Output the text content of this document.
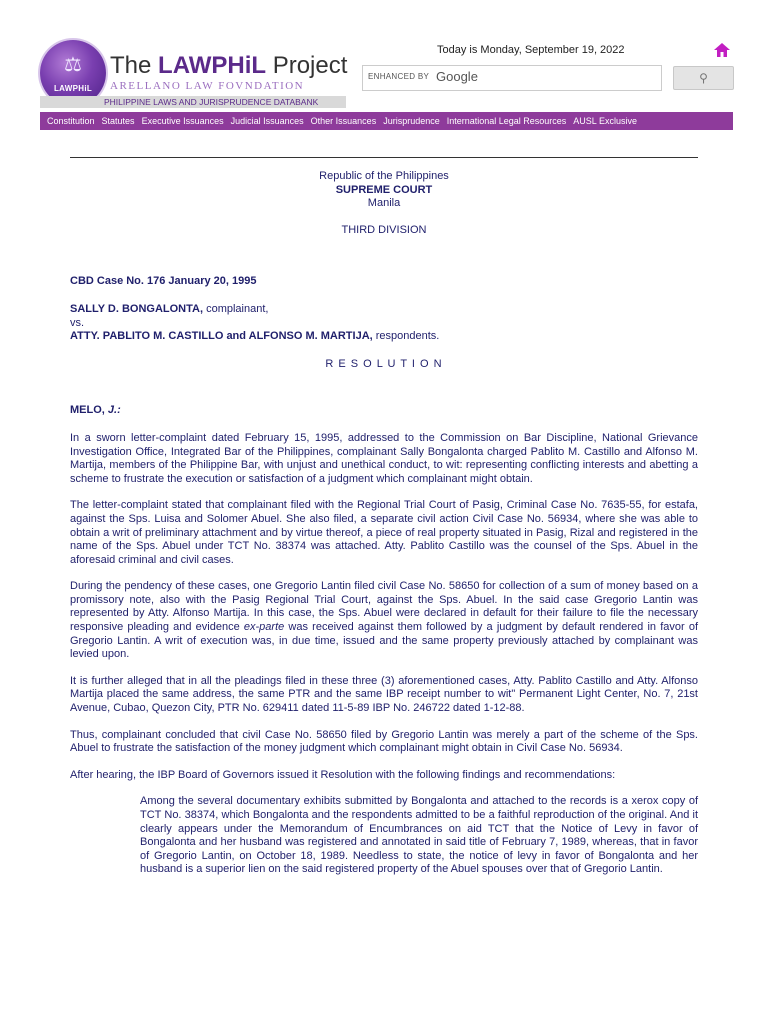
⚖
LAWPHiL
The LAWPHiL Project
ARELLANO LAW FOVNDATION
PHILIPPINE LAWS AND JURISPRUDENCE DATABANK
Today is Monday, September 19, 2022
ENHANCED BY Google	⚲
Constitution Statutes Executive Issuances Judicial Issuances Other Issuances Jurisprudence International Legal Resources AUSL Exclusive
Republic of the Philippines
SUPREME COURT
Manila
THIRD DIVISION
CBD Case No. 176 January 20, 1995
SALLY D. BONGALONTA, complainant,
vs.
ATTY. PABLITO M. CASTILLO and ALFONSO M. MARTIJA, respondents.
R E S O L U T I O N
MELO, J.:

In a sworn letter-complaint dated February 15, 1995, addressed to the Commission on Bar Discipline, National Grievance Investigation Office, Integrated Bar of the Philippines, complainant Sally Bongalonta charged Pablito M. Castillo and Alfonso M. Martija, members of the Philippine Bar, with unjust and unethical conduct, to wit: representing conflicting interests and abetting a scheme to frustrate the execution or satisfaction of a judgment which complainant might obtain.

The letter-complaint stated that complainant filed with the Regional Trial Court of Pasig, Criminal Case No. 7635-55, for estafa, against the Sps. Luisa and Solomer Abuel. She also filed, a separate civil action Civil Case No. 56934, where she was able to obtain a writ of preliminary attachment and by virtue thereof, a piece of real property situated in Pasig, Rizal and registered in the name of the Sps. Abuel under TCT No. 38374 was attached. Atty. Pablito Castillo was the counsel of the Sps. Abuel in the aforesaid criminal and civil cases.

During the pendency of these cases, one Gregorio Lantin filed civil Case No. 58650 for collection of a sum of money based on a promissory note, also with the Pasig Regional Trial Court, against the Sps. Abuel. In the said case Gregorio Lantin was represented by Atty. Alfonso Martija. In this case, the Sps. Abuel were declared in default for their failure to file the necessary responsive pleading and evidence ex-parte was received against them followed by a judgment by default rendered in favor of Gregorio Lantin. A writ of execution was, in due time, issued and the same property previously attached by complainant was levied upon.

It is further alleged that in all the pleadings filed in these three (3) aforementioned cases, Atty. Pablito Castillo and Atty. Alfonso Martija placed the same address, the same PTR and the same IBP receipt number to wit" Permanent Light Center, No. 7, 21st Avenue, Cubao, Quezon City, PTR No. 629411 dated 11-5-89 IBP No. 246722 dated 1-12-88.

Thus, complainant concluded that civil Case No. 58650 filed by Gregorio Lantin was merely a part of the scheme of the Sps. Abuel to frustrate the satisfaction of the money judgment which complainant might obtain in Civil Case No. 56934.

After hearing, the IBP Board of Governors issued it Resolution with the following findings and recommendations:

Among the several documentary exhibits submitted by Bongalonta and attached to the records is a xerox copy of TCT No. 38374, which Bongalonta and the respondents admitted to be a faithful reproduction of the original. And it clearly appears under the Memorandum of Encumbrances on aid TCT that the Notice of Levy in favor of Bongalonta and her husband was registered and annotated in said title of February 7, 1989, whereas, that in favor of Gregorio Lantin, on October 18, 1989. Needless to state, the notice of levy in favor of Bongalonta and her husband is a superior lien on the said registered property of the Abuel spouses over that of Gregorio Lantin.
